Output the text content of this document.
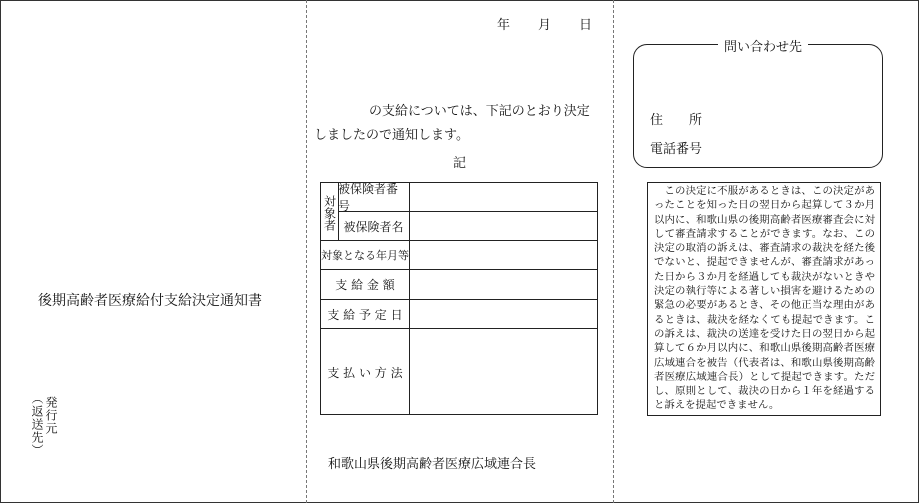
後期高齢者医療給付支給決定通知書
発行元
（返送先）
年 月 日
の支給については、下記のとおり決定
しましたので通知します。
記
対象者
被保険者番号
被保険者名
対象となる年月等
支 給 金 額
支 給 予 定 日
支 払 い 方 法
和歌山県後期高齢者医療広域連合長
問い合わせ先
住　　所
電話番号
この決定に不服があるときは、この決定があったことを知った日の翌日から起算して３か月以内に、和歌山県の後期高齢者医療審査会に対して審査請求することができます。なお、この決定の取消の訴えは、審査請求の裁決を経た後でないと、提起できませんが、審査請求があった日から３か月を経過しても裁決がないときや決定の執行等による著しい損害を避けるための緊急の必要があるとき、その他正当な理由があるときは、裁決を経なくても提起できます。この訴えは、裁決の送達を受けた日の翌日から起算して６か月以内に、和歌山県後期高齢者医療広域連合を被告（代表者は、和歌山県後期高齢者医療広域連合長）として提起できます。ただし、原則として、裁決の日から１年を経過すると訴えを提起できません。
